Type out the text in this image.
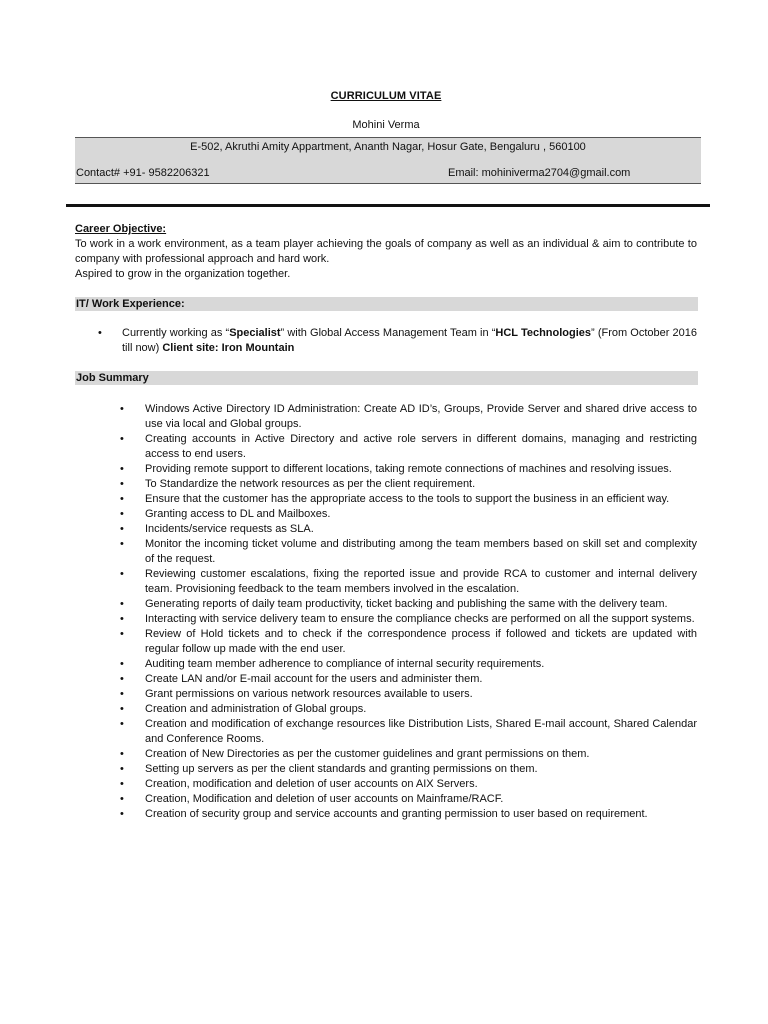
CURRICULUM VITAE
Mohini Verma
E-502, Akruthi Amity Appartment, Ananth Nagar, Hosur Gate, Bengaluru , 560100
Contact# +91- 9582206321	Email: mohiniverma2704@gmail.com
Career Objective:

To work in a work environment, as a team player achieving the goals of company as well as an individual & aim to contribute to company with professional approach and hard work.

Aspired to grow in the organization together.

IT/ Work Experience:
• Currently working as “Specialist” with Global Access Management Team in “HCL Technologies” (From October 2016 till now) Client site: Iron Mountain
Job Summary
• Windows Active Directory ID Administration: Create AD ID’s, Groups, Provide Server and shared drive access to use via local and Global groups.
• Creating accounts in Active Directory and active role servers in different domains, managing and restricting access to end users.
• Providing remote support to different locations, taking remote connections of machines and resolving issues.
• To Standardize the network resources as per the client requirement.
• Ensure that the customer has the appropriate access to the tools to support the business in an efficient way.
• Granting access to DL and Mailboxes.
• Incidents/service requests as SLA.
• Monitor the incoming ticket volume and distributing among the team members based on skill set and complexity of the request.
• Reviewing customer escalations, fixing the reported issue and provide RCA to customer and internal delivery team. Provisioning feedback to the team members involved in the escalation.
• Generating reports of daily team productivity, ticket backing and publishing the same with the delivery team.
• Interacting with service delivery team to ensure the compliance checks are performed on all the support systems.
• Review of Hold tickets and to check if the correspondence process if followed and tickets are updated with regular follow up made with the end user.
• Auditing team member adherence to compliance of internal security requirements.
• Create LAN and/or E-mail account for the users and administer them.
• Grant permissions on various network resources available to users.
• Creation and administration of Global groups.
• Creation and modification of exchange resources like Distribution Lists, Shared E-mail account, Shared Calendar and Conference Rooms.
• Creation of New Directories as per the customer guidelines and grant permissions on them.
• Setting up servers as per the client standards and granting permissions on them.
• Creation, modification and deletion of user accounts on AIX Servers.
• Creation, Modification and deletion of user accounts on Mainframe/RACF.
• Creation of security group and service accounts and granting permission to user based on requirement.
